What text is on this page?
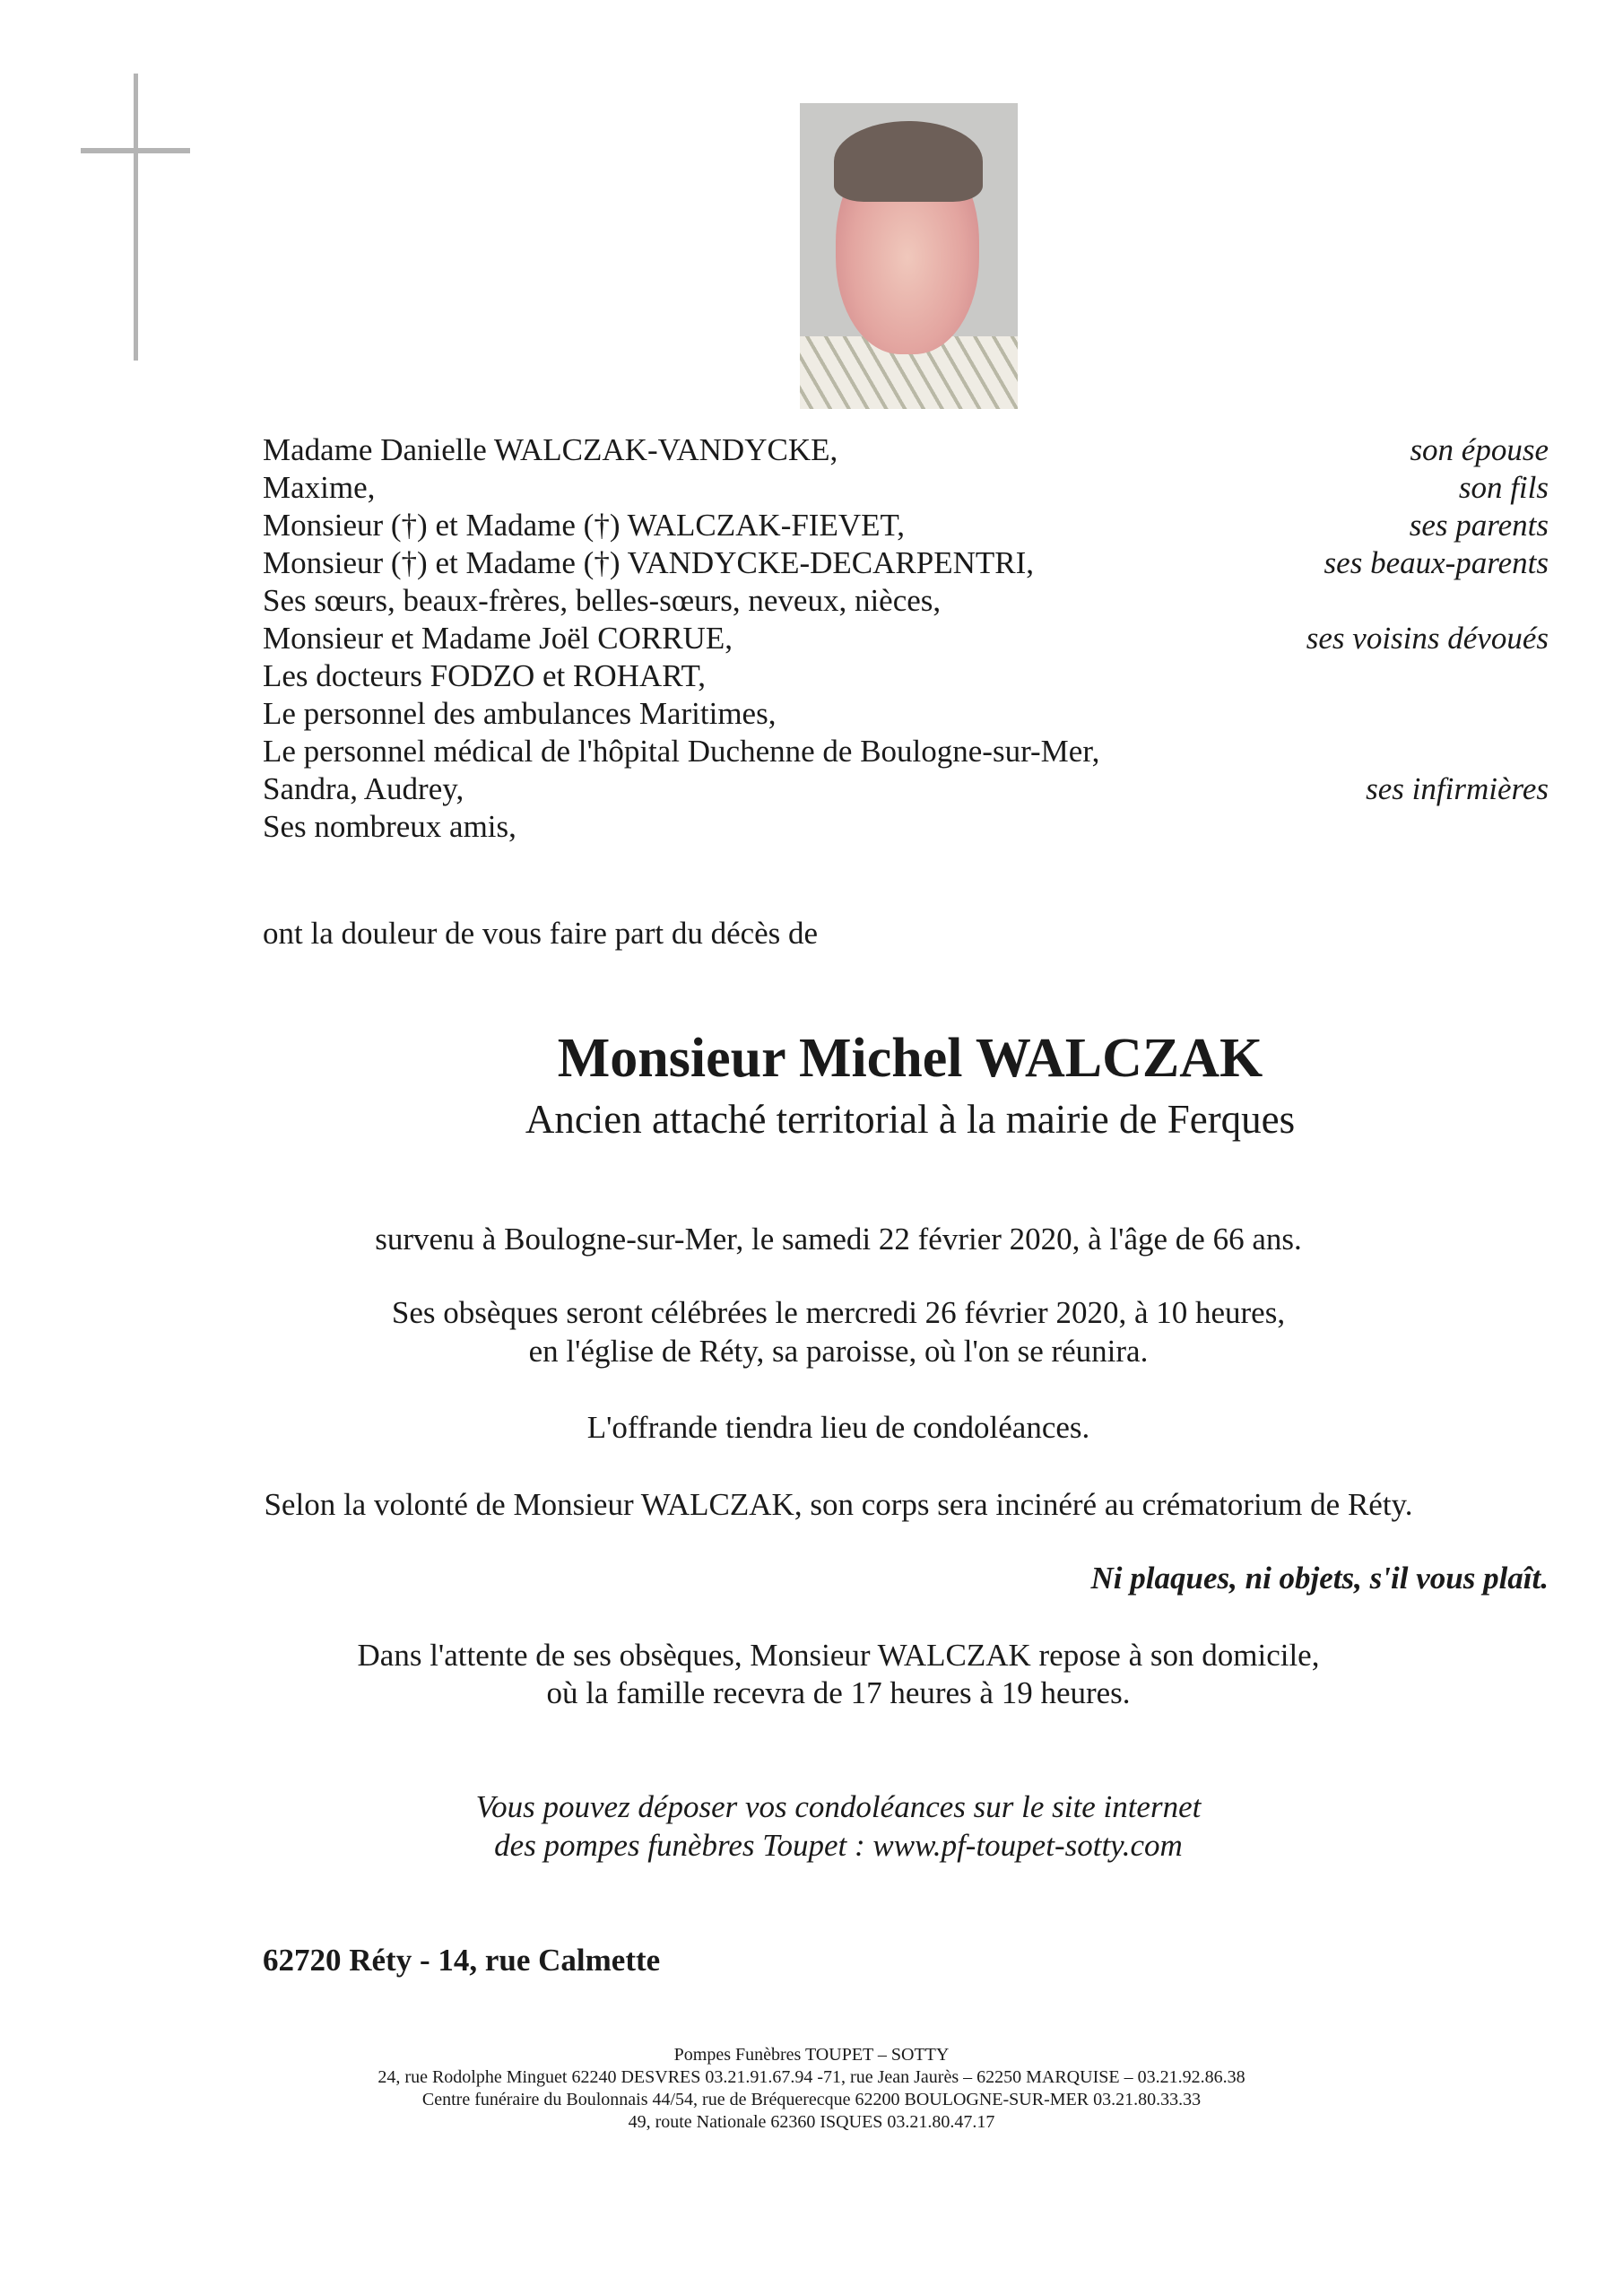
Madame Danielle WALCZAK-VANDYCKE,	son épouse
Maxime,	son fils
Monsieur (†) et Madame (†) WALCZAK-FIEVET,	ses parents
Monsieur (†) et Madame (†) VANDYCKE-DECARPENTRI,	ses beaux-parents
Ses sœurs, beaux-frères, belles-sœurs, neveux, nièces,
Monsieur et Madame Joël CORRUE,	ses voisins dévoués
Les docteurs FODZO et ROHART,
Le personnel des ambulances Maritimes,
Le personnel médical de l'hôpital Duchenne de Boulogne-sur-Mer,
Sandra, Audrey,	ses infirmières
Ses nombreux amis,
ont la douleur de vous faire part du décès de
Monsieur Michel WALCZAK
Ancien attaché territorial à la mairie de Ferques
survenu à Boulogne-sur-Mer, le samedi 22 février 2020, à l'âge de 66 ans.
Ses obsèques seront célébrées le mercredi 26 février 2020, à 10 heures,
en l'église de Réty, sa paroisse, où l'on se réunira.
L'offrande tiendra lieu de condoléances.
Selon la volonté de Monsieur WALCZAK, son corps sera incinéré au crématorium de Réty.
Ni plaques, ni objets, s'il vous plaît.
Dans l'attente de ses obsèques, Monsieur WALCZAK repose à son domicile,
où la famille recevra de 17 heures à 19 heures.
Vous pouvez déposer vos condoléances sur le site internet
des pompes funèbres Toupet : www.pf-toupet-sotty.com
62720 Réty - 14, rue Calmette
Pompes Funèbres TOUPET – SOTTY
24, rue Rodolphe Minguet 62240 DESVRES 03.21.91.67.94 -71, rue Jean Jaurès – 62250 MARQUISE – 03.21.92.86.38
Centre funéraire du Boulonnais 44/54, rue de Bréquerecque 62200 BOULOGNE-SUR-MER 03.21.80.33.33
49, route Nationale 62360 ISQUES 03.21.80.47.17
